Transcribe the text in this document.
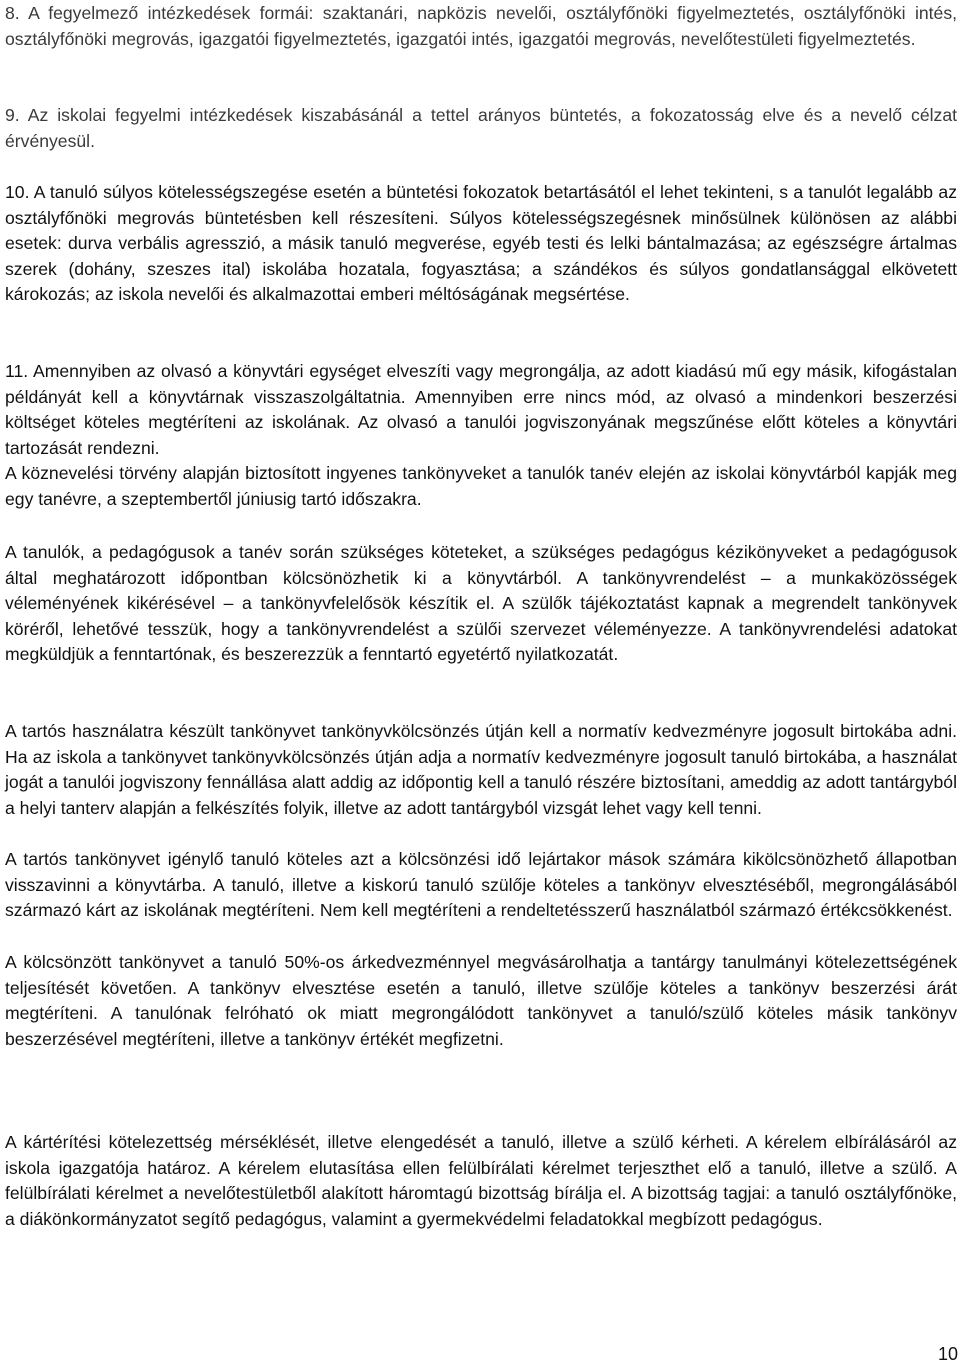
8. A fegyelmező intézkedések formái: szaktanári, napközis nevelői, osztályfőnöki figyelmeztetés, osztályfőnöki intés, osztályfőnöki megrovás, igazgatói figyelmeztetés, igazgatói intés, igazgatói megrovás, nevelőtestületi figyelmeztetés.

9. Az iskolai fegyelmi intézkedések kiszabásánál a tettel arányos büntetés, a fokozatosság elve és a nevelő célzat érvényesül.

10. A tanuló súlyos kötelességszegése esetén a büntetési fokozatok betartásától el lehet tekinteni, s a tanulót legalább az osztályfőnöki megrovás büntetésben kell részesíteni. Súlyos kötelességszegésnek minősülnek különösen az alábbi esetek: durva verbális agresszió, a másik tanuló megverése, egyéb testi és lelki bántalmazása; az egészségre ártalmas szerek (dohány, szeszes ital) iskolába hozatala, fogyasztása; a szándékos és súlyos gondatlansággal elkövetett károkozás; az iskola nevelői és alkalmazottai emberi méltóságának megsértése.

11. Amennyiben az olvasó a könyvtári egységet elveszíti vagy megrongálja, az adott kiadású mű egy másik, kifogástalan példányát kell a könyvtárnak visszaszolgáltatnia. Amennyiben erre nincs mód, az olvasó a mindenkori beszerzési költséget köteles megtéríteni az iskolának. Az olvasó a tanulói jogviszonyának megszűnése előtt köteles a könyvtári tartozását rendezni.

A köznevelési törvény alapján biztosított ingyenes tankönyveket a tanulók tanév elején az iskolai könyvtárból kapják meg egy tanévre, a szeptembertől júniusig tartó időszakra.

A tanulók, a pedagógusok a tanév során szükséges köteteket, a szükséges pedagógus kézikönyveket a pedagógusok által meghatározott időpontban kölcsönözhetik ki a könyvtárból. A tankönyvrendelést – a munkaközösségek véleményének kikérésével – a tankönyvfelelősök készítik el. A szülők tájékoztatást kapnak a megrendelt tankönyvek köréről, lehetővé tesszük, hogy a tankönyvrendelést a szülői szervezet véleményezze. A tankönyvrendelési adatokat megküldjük a fenntartónak, és beszerezzük a fenntartó egyetértő nyilatkozatát.

A tartós használatra készült tankönyvet tankönyvkölcsönzés útján kell a normatív kedvezményre jogosult birtokába adni. Ha az iskola a tankönyvet tankönyvkölcsönzés útján adja a normatív kedvezményre jogosult tanuló birtokába, a használat jogát a tanulói jogviszony fennállása alatt addig az időpontig kell a tanuló részére biztosítani, ameddig az adott tantárgyból a helyi tanterv alapján a felkészítés folyik, illetve az adott tantárgyból vizsgát lehet vagy kell tenni.

A tartós tankönyvet igénylő tanuló köteles azt a kölcsönzési idő lejártakor mások számára kikölcsönözhető állapotban visszavinni a könyvtárba. A tanuló, illetve a kiskorú tanuló szülője köteles a tankönyv elvesztéséből, megrongálásából származó kárt az iskolának megtéríteni. Nem kell megtéríteni a rendeltetésszerű használatból származó értékcsökkenést.

A kölcsönzött tankönyvet a tanuló 50%-os árkedvezménnyel megvásárolhatja a tantárgy tanulmányi kötelezettségének teljesítését követően. A tankönyv elvesztése esetén a tanuló, illetve szülője köteles a tankönyv beszerzési árát megtéríteni. A tanulónak felróható ok miatt megrongálódott tankönyvet a tanuló/szülő köteles másik tankönyv beszerzésével megtéríteni, illetve a tankönyv értékét megfizetni.

A kártérítési kötelezettség mérséklését, illetve elengedését a tanuló, illetve a szülő kérheti. A kérelem elbírálásáról az iskola igazgatója határoz. A kérelem elutasítása ellen felülbírálati kérelmet terjeszthet elő a tanuló, illetve a szülő. A felülbírálati kérelmet a nevelőtestületből alakított háromtagú bizottság bírálja el. A bizottság tagjai: a tanuló osztályfőnöke, a diákönkormányzatot segítő pedagógus, valamint a gyermekvédelmi feladatokkal megbízott pedagógus.

10
